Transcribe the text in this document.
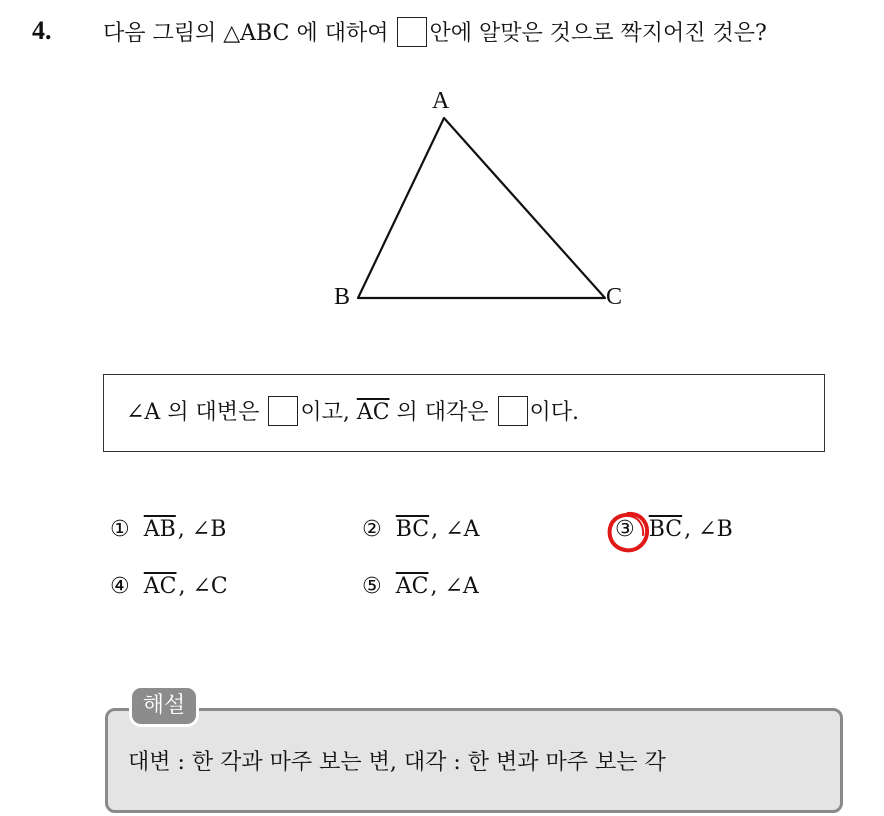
4. 다음 그림의 △ABC 에 대하여 안에 알맞은 것으로 짝지어진 것은?
A
B	C
∠A 의 대변은 이고, $\overline{AC}$ 의 대각은 이다.
① $\overline{AB}$, ∠B	② $\overline{BC}$, ∠A	③ $\overline{BC}$, ∠B
④ $\overline{AC}$, ∠C	⑤ $\overline{AC}$, ∠A
대변 : 한 각과 마주 보는 변, 대각 : 한 변과 마주 보는 각
해설
